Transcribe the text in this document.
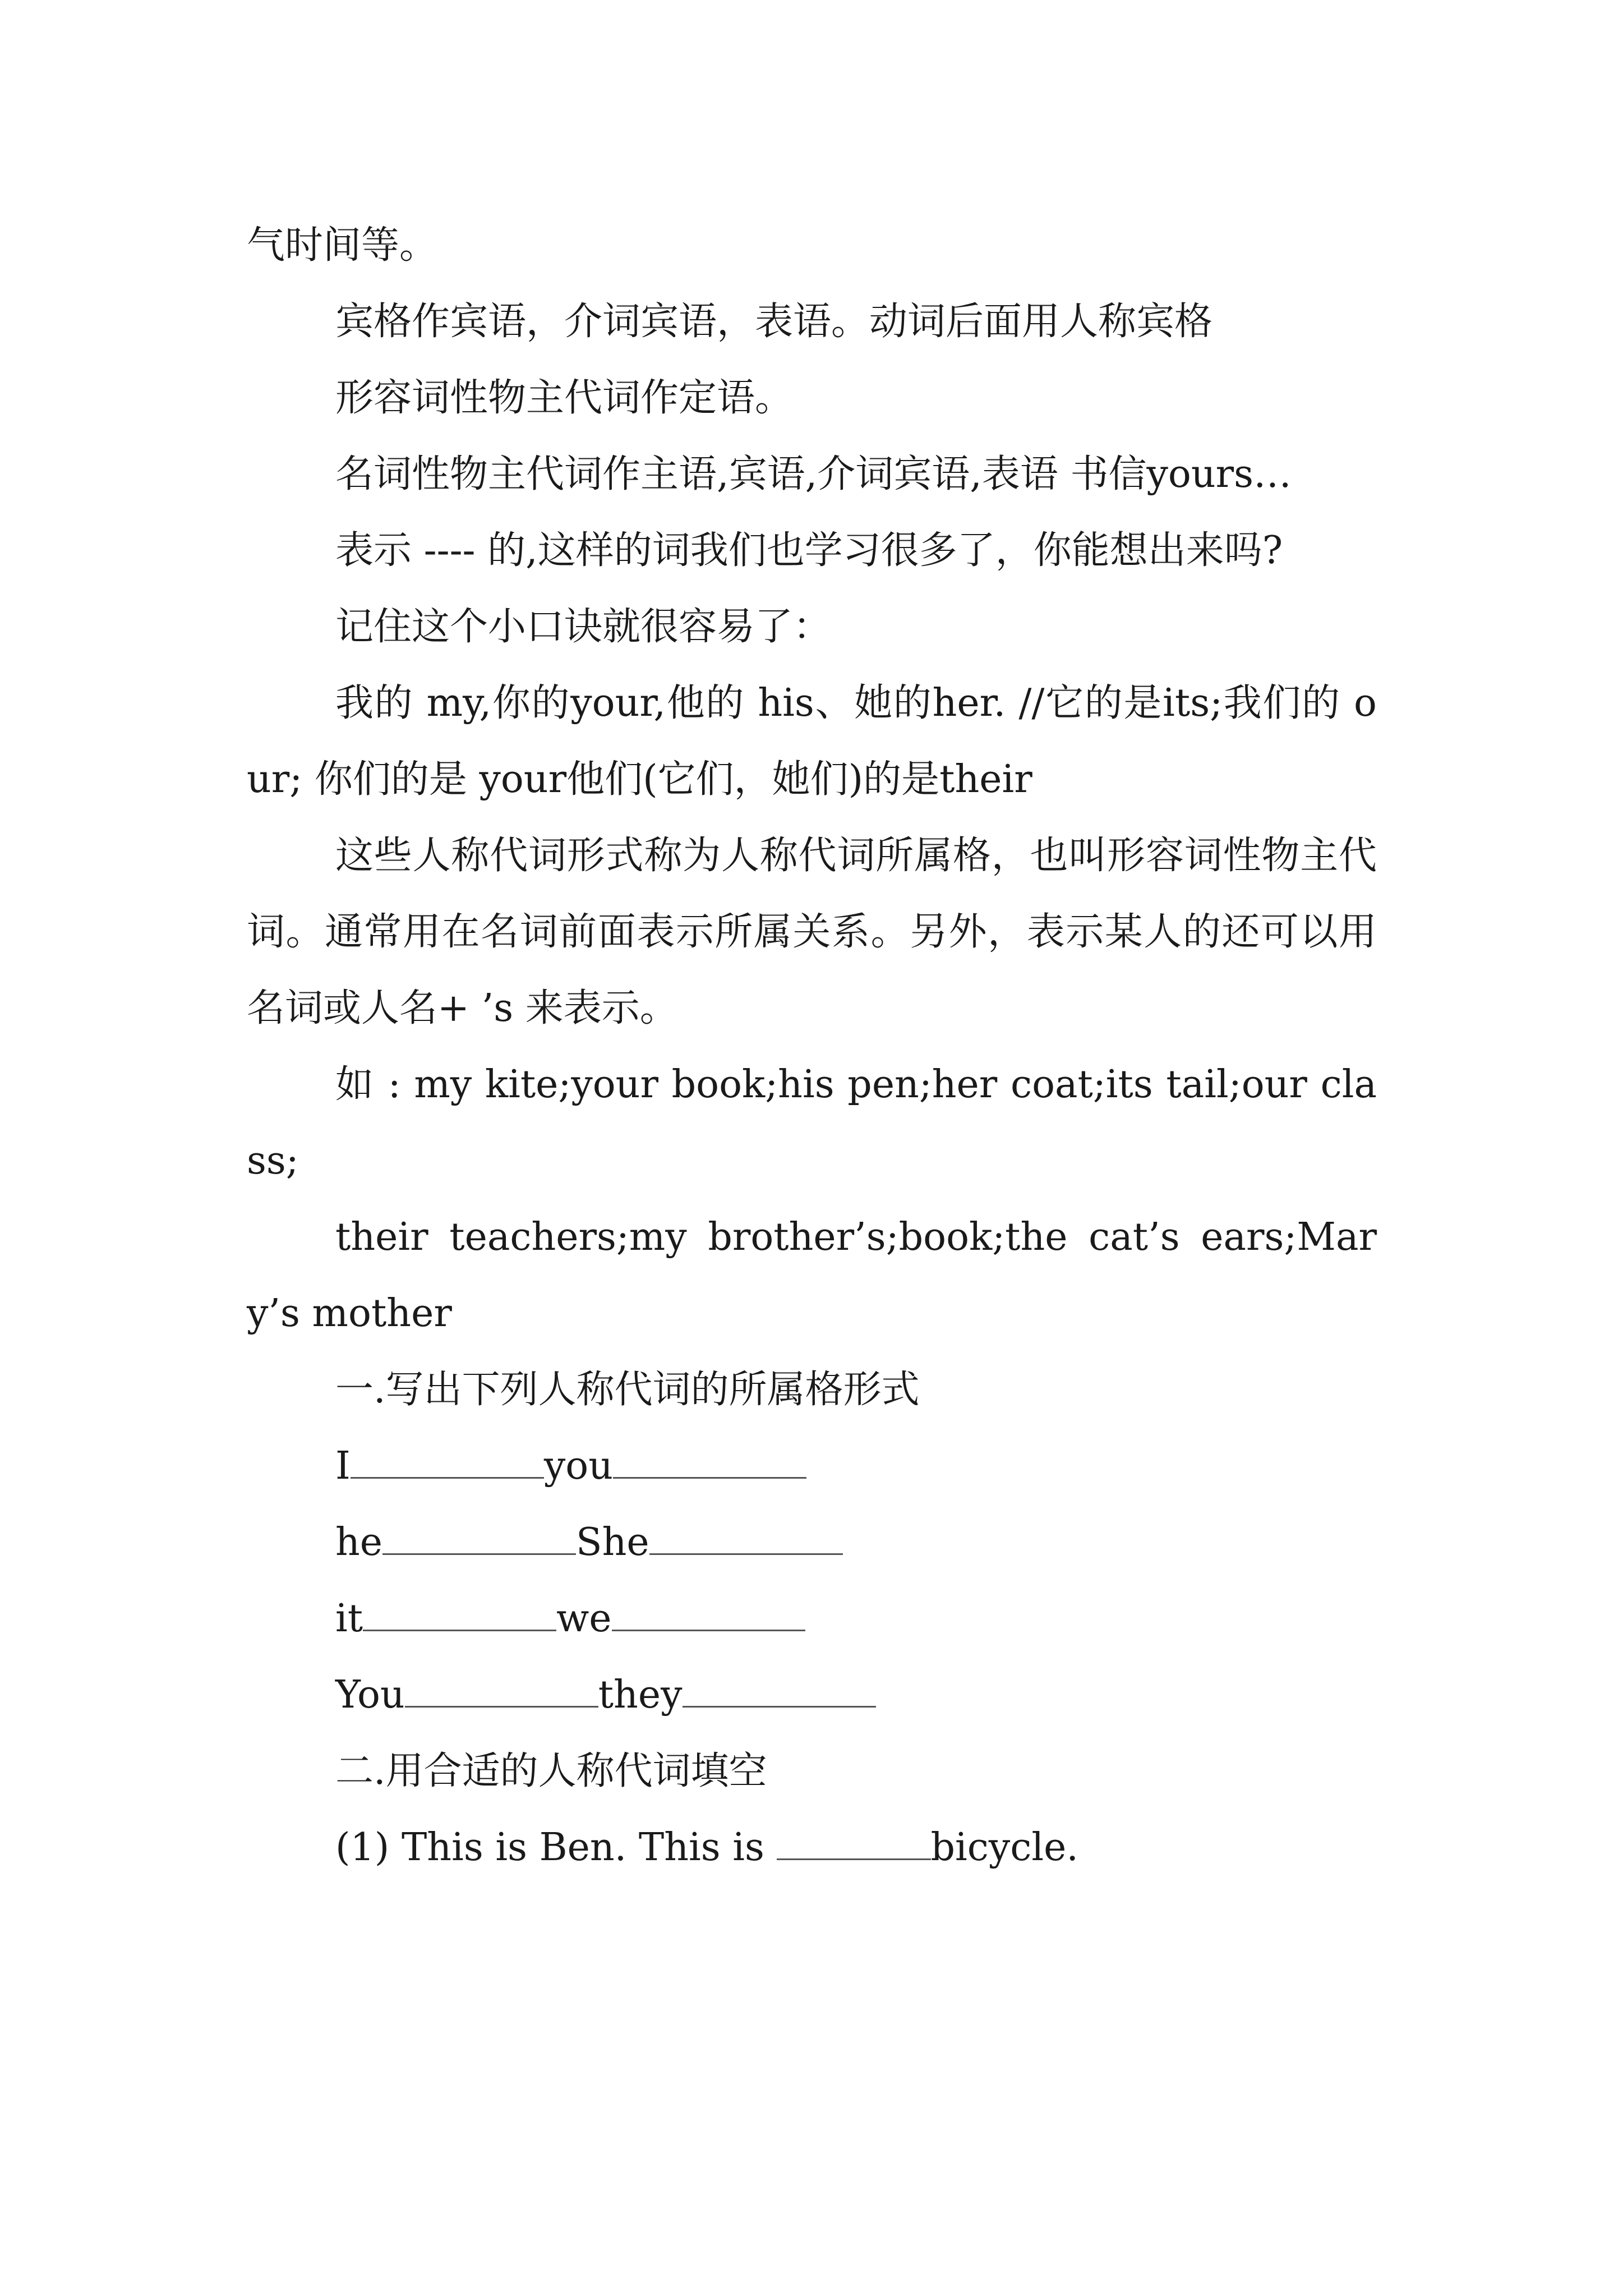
气时间等。

宾格作宾语，介词宾语，表语。动词后面用人称宾格

形容词性物主代词作定语。

名词性物主代词作主语,宾语,介词宾语,表语 书信yours…

表示 ---- 的,这样的词我们也学习很多了，你能想出来吗?

记住这个小口诀就很容易了：

我的 my,你的your,他的 his、她的her. //它的是its;我们的 our; 你们的是 your他们(它们，她们)的是their

这些人称代词形式称为人称代词所属格，也叫形容词性物主代词。通常用在名词前面表示所属关系。另外，表示某人的还可以用名词或人名+ ’s 来表示。

如 : my kite;your book;his pen;her coat;its tail;our class;

their teachers;my brother’s;book;the cat’s ears;Mary’s mother

一.写出下列人称代词的所属格形式

I	you
he	She
it	we
You	they

二.用合适的人称代词填空

(1) This is Ben. This is	bicycle.
